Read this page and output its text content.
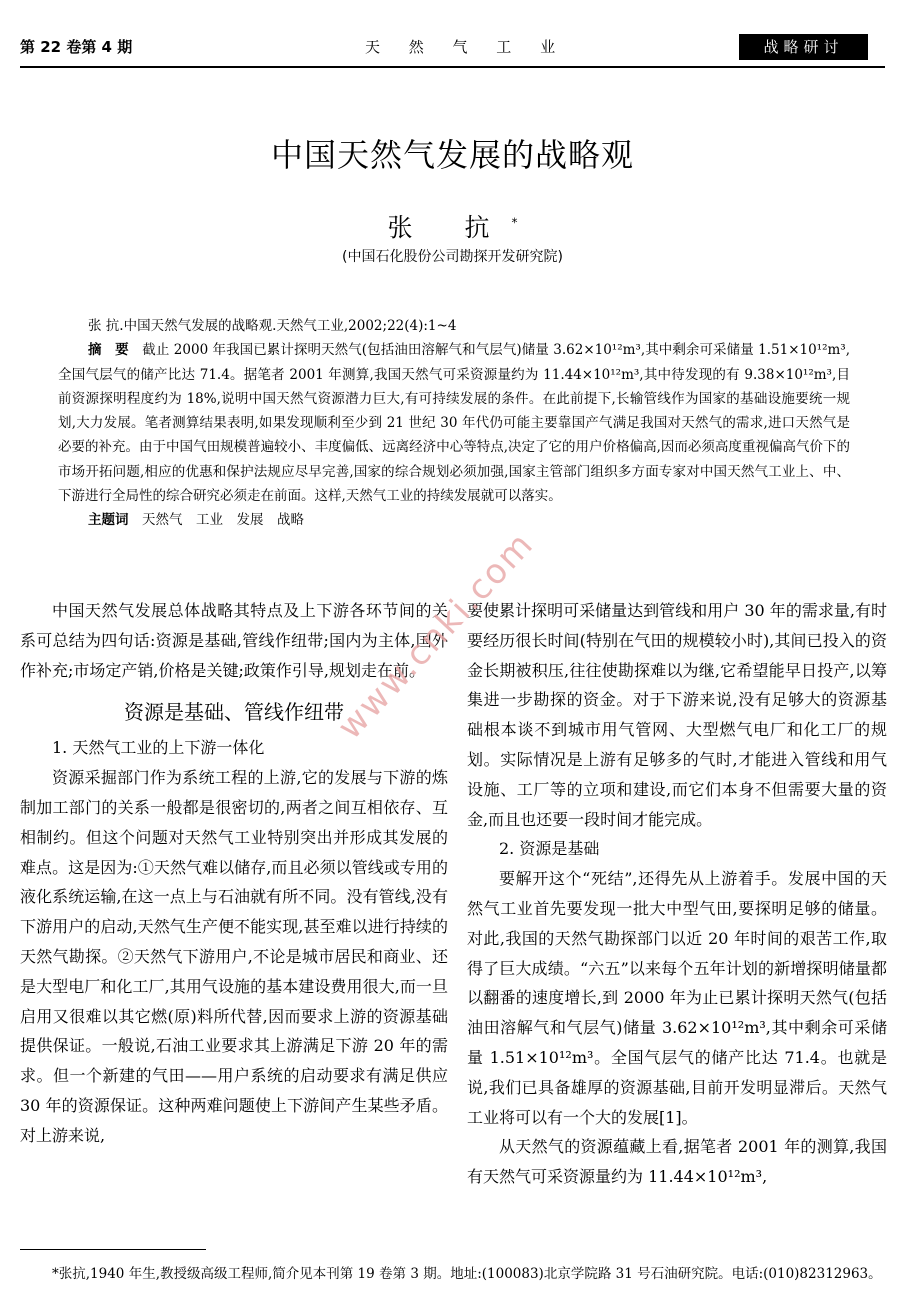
第 22 卷第 4 期	天 然 气 工 业	战略研讨
中国天然气发展的战略观
张 抗*
(中国石化股份公司勘探开发研究院)

张 抗.中国天然气发展的战略观.天然气工业,2002;22(4):1~4

摘　要　 截止 2000 年我国已累计探明天然气(包括油田溶解气和气层气)储量 3.62×10¹²m³,其中剩余可采储量 1.51×10¹²m³,全国气层气的储产比达 71.4。据笔者 2001 年测算,我国天然气可采资源量约为 11.44×10¹²m³,其中待发现的有 9.38×10¹²m³,目前资源探明程度约为 18%,说明中国天然气资源潜力巨大,有可持续发展的条件。在此前提下,长输管线作为国家的基础设施要统一规划,大力发展。笔者测算结果表明,如果发现顺利至少到 21 世纪 30 年代仍可能主要靠国产气满足我国对天然气的需求,进口天然气是必要的补充。由于中国气田规模普遍较小、丰度偏低、远离经济中心等特点,决定了它的用户价格偏高,因而必须高度重视偏高气价下的市场开拓问题,相应的优惠和保护法规应尽早完善,国家的综合规划必须加强,国家主管部门组织多方面专家对中国天然气工业上、中、下游进行全局性的综合研究必须走在前面。这样,天然气工业的持续发展就可以落实。

主题词　 天然气　工业　发展　战略

中国天然气发展总体战略其特点及上下游各环节间的关系可总结为四句话:资源是基础,管线作纽带;国内为主体,国外作补充;市场定产销,价格是关键;政策作引导,规划走在前。

资源是基础、管线作纽带

1. 天然气工业的上下游一体化

资源采掘部门作为系统工程的上游,它的发展与下游的炼制加工部门的关系一般都是很密切的,两者之间互相依存、互相制约。但这个问题对天然气工业特别突出并形成其发展的难点。这是因为:①天然气难以储存,而且必须以管线或专用的液化系统运输,在这一点上与石油就有所不同。没有管线,没有下游用户的启动,天然气生产便不能实现,甚至难以进行持续的天然气勘探。②天然气下游用户,不论是城市居民和商业、还是大型电厂和化工厂,其用气设施的基本建设费用很大,而一旦启用又很难以其它燃(原)料所代替,因而要求上游的资源基础提供保证。一般说,石油工业要求其上游满足下游 20 年的需求。但一个新建的气田——用户系统的启动要求有满足供应 30 年的资源保证。这种两难问题使上下游间产生某些矛盾。对上游来说,

要使累计探明可采储量达到管线和用户 30 年的需求量,有时要经历很长时间(特别在气田的规模较小时),其间已投入的资金长期被积压,往往使勘探难以为继,它希望能早日投产,以筹集进一步勘探的资金。对于下游来说,没有足够大的资源基础根本谈不到城市用气管网、大型燃气电厂和化工厂的规划。实际情况是上游有足够多的气时,才能进入管线和用气设施、工厂等的立项和建设,而它们本身不但需要大量的资金,而且也还要一段时间才能完成。

2. 资源是基础

要解开这个“死结”,还得先从上游着手。发展中国的天然气工业首先要发现一批大中型气田,要探明足够的储量。对此,我国的天然气勘探部门以近 20 年时间的艰苦工作,取得了巨大成绩。“六五”以来每个五年计划的新增探明储量都以翻番的速度增长,到 2000 年为止已累计探明天然气(包括油田溶解气和气层气)储量 3.62×10¹²m³,其中剩余可采储量 1.51×10¹²m³。全国气层气的储产比达 71.4。也就是说,我们已具备雄厚的资源基础,目前开发明显滞后。天然气工业将可以有一个大的发展[1]。

从天然气的资源蕴藏上看,据笔者 2001 年的测算,我国有天然气可采资源量约为 11.44×10¹²m³,

www.cnki.com
*张抗,1940 年生,教授级高级工程师,简介见本刊第 19 卷第 3 期。地址:(100083)北京学院路 31 号石油研究院。电话:(010)82312963。
